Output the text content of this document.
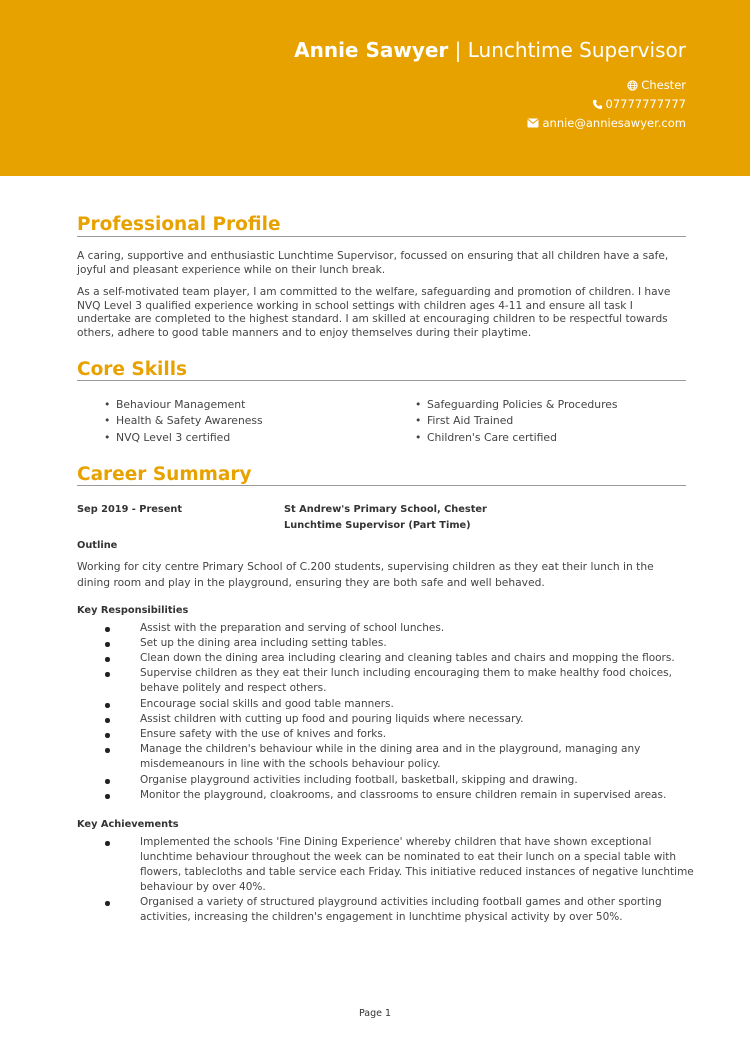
Annie Sawyer | Lunchtime Supervisor
Chester
07777777777
annie@anniesawyer.com
Professional Profile
A caring, supportive and enthusiastic Lunchtime Supervisor, focussed on ensuring that all children have a safe, joyful and pleasant experience while on their lunch break.
As a self-motivated team player, I am committed to the welfare, safeguarding and promotion of children. I have NVQ Level 3 qualified experience working in school settings with children ages 4-11 and ensure all task I undertake are completed to the highest standard. I am skilled at encouraging children to be respectful towards others, adhere to good table manners and to enjoy themselves during their playtime.
Core Skills
• Behaviour Management
• Health & Safety Awareness
• NVQ Level 3 certified
• Safeguarding Policies & Procedures
• First Aid Trained
• Children's Care certified
Career Summary
Sep 2019 - Present	St Andrew's Primary School, Chester
Lunchtime Supervisor (Part Time)
Outline
Working for city centre Primary School of C.200 students, supervising children as they eat their lunch in the dining room and play in the playground, ensuring they are both safe and well behaved.
Key Responsibilities
Assist with the preparation and serving of school lunches.
Set up the dining area including setting tables.
Clean down the dining area including clearing and cleaning tables and chairs and mopping the floors.
Supervise children as they eat their lunch including encouraging them to make healthy food choices, behave politely and respect others.
Encourage social skills and good table manners.
Assist children with cutting up food and pouring liquids where necessary.
Ensure safety with the use of knives and forks.
Manage the children's behaviour while in the dining area and in the playground, managing any misdemeanours in line with the schools behaviour policy.
Organise playground activities including football, basketball, skipping and drawing.
Monitor the playground, cloakrooms, and classrooms to ensure children remain in supervised areas.
Key Achievements
Implemented the schools 'Fine Dining Experience' whereby children that have shown exceptional lunchtime behaviour throughout the week can be nominated to eat their lunch on a special table with flowers, tablecloths and table service each Friday. This initiative reduced instances of negative lunchtime behaviour by over 40%.
Organised a variety of structured playground activities including football games and other sporting activities, increasing the children's engagement in lunchtime physical activity by over 50%.
Page 1
